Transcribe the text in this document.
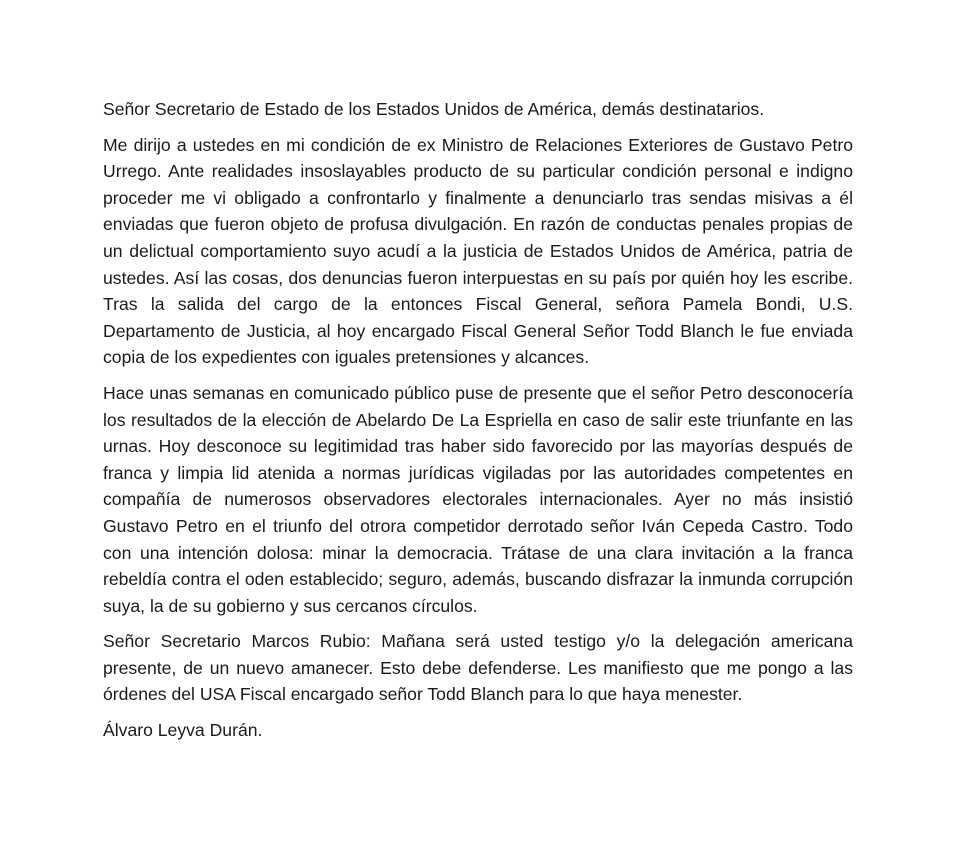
Señor Secretario de Estado de los Estados Unidos de América, demás destinatarios.

Me dirijo a ustedes en mi condición de ex Ministro de Relaciones Exteriores de Gustavo Petro Urrego. Ante realidades insoslayables producto de su particular condición personal e indigno proceder me vi obligado a confrontarlo y finalmente a denunciarlo tras sendas misivas a él enviadas que fueron objeto de profusa divulgación. En razón de conductas penales propias de un delictual comportamiento suyo acudí a la justicia de Estados Unidos de América, patria de ustedes. Así las cosas, dos denuncias fueron interpuestas en su país por quién hoy les escribe. Tras la salida del cargo de la entonces Fiscal General, señora Pamela Bondi, U.S. Departamento de Justicia, al hoy encargado Fiscal General Señor Todd Blanch le fue enviada copia de los expedientes con iguales pretensiones y alcances.

Hace unas semanas en comunicado público puse de presente que el señor Petro desconocería los resultados de la elección de Abelardo De La Espriella en caso de salir este triunfante en las urnas. Hoy desconoce su legitimidad tras haber sido favorecido por las mayorías después de franca y limpia lid atenida a normas jurídicas vigiladas por las autoridades competentes en compañía de numerosos observadores electorales internacionales. Ayer no más insistió Gustavo Petro en el triunfo del otrora competidor derrotado señor Iván Cepeda Castro. Todo con una intención dolosa: minar la democracia. Trátase de una clara invitación a la franca rebeldía contra el oden establecido; seguro, además, buscando disfrazar la inmunda corrupción suya, la de su gobierno y sus cercanos círculos.

Señor Secretario Marcos Rubio: Mañana será usted testigo y/o la delegación americana presente, de un nuevo amanecer. Esto debe defenderse. Les manifiesto que me pongo a las órdenes del USA Fiscal encargado señor Todd Blanch para lo que haya menester.

Álvaro Leyva Durán.
